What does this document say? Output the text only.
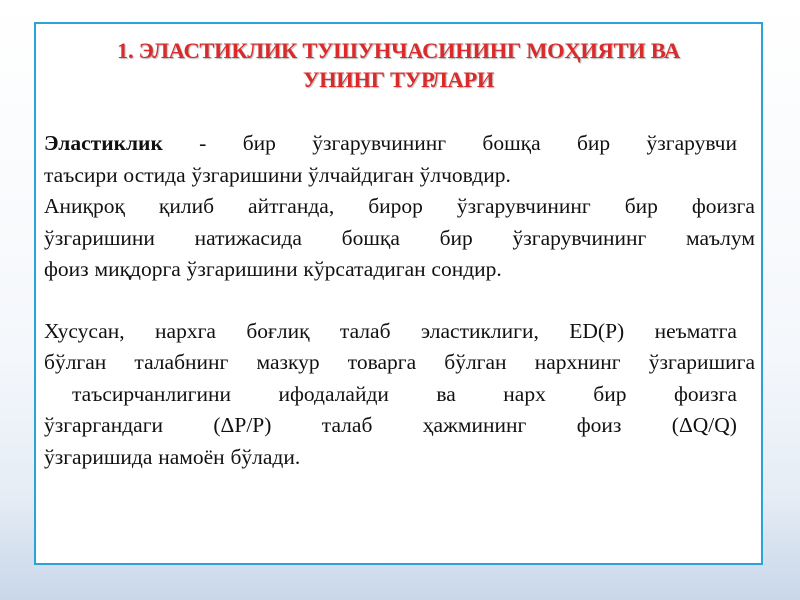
1. ЭЛАСТИКЛИК ТУШУНЧАСИНИНГ МОҲИЯТИ ВА
УНИНГ ТУРЛАРИ
Эластиклик - бир ўзгарувчининг бошқа бир ўзгарувчи
таъсири остида ўзгаришини ўлчайдиган ўлчовдир.
Аниқроқ қилиб айтганда, бирор ўзгарувчининг бир фоизга
ўзгаришини натижасида бошқа бир ўзгарувчининг маълум
фоиз миқдорга ўзгаришини кўрсатадиган сондир.
Хусусан, нархга боғлиқ талаб эластиклиги, ED(P) неъматга
бўлган талабнинг мазкур товарга бўлган нархнинг ўзгаришига
таъсирчанлигини ифодалайди ва нарх бир фоизга
ўзгаргандаги (ΔP/P) талаб ҳажмининг фоиз (ΔQ/Q)
ўзгаришида намоён бўлади.
